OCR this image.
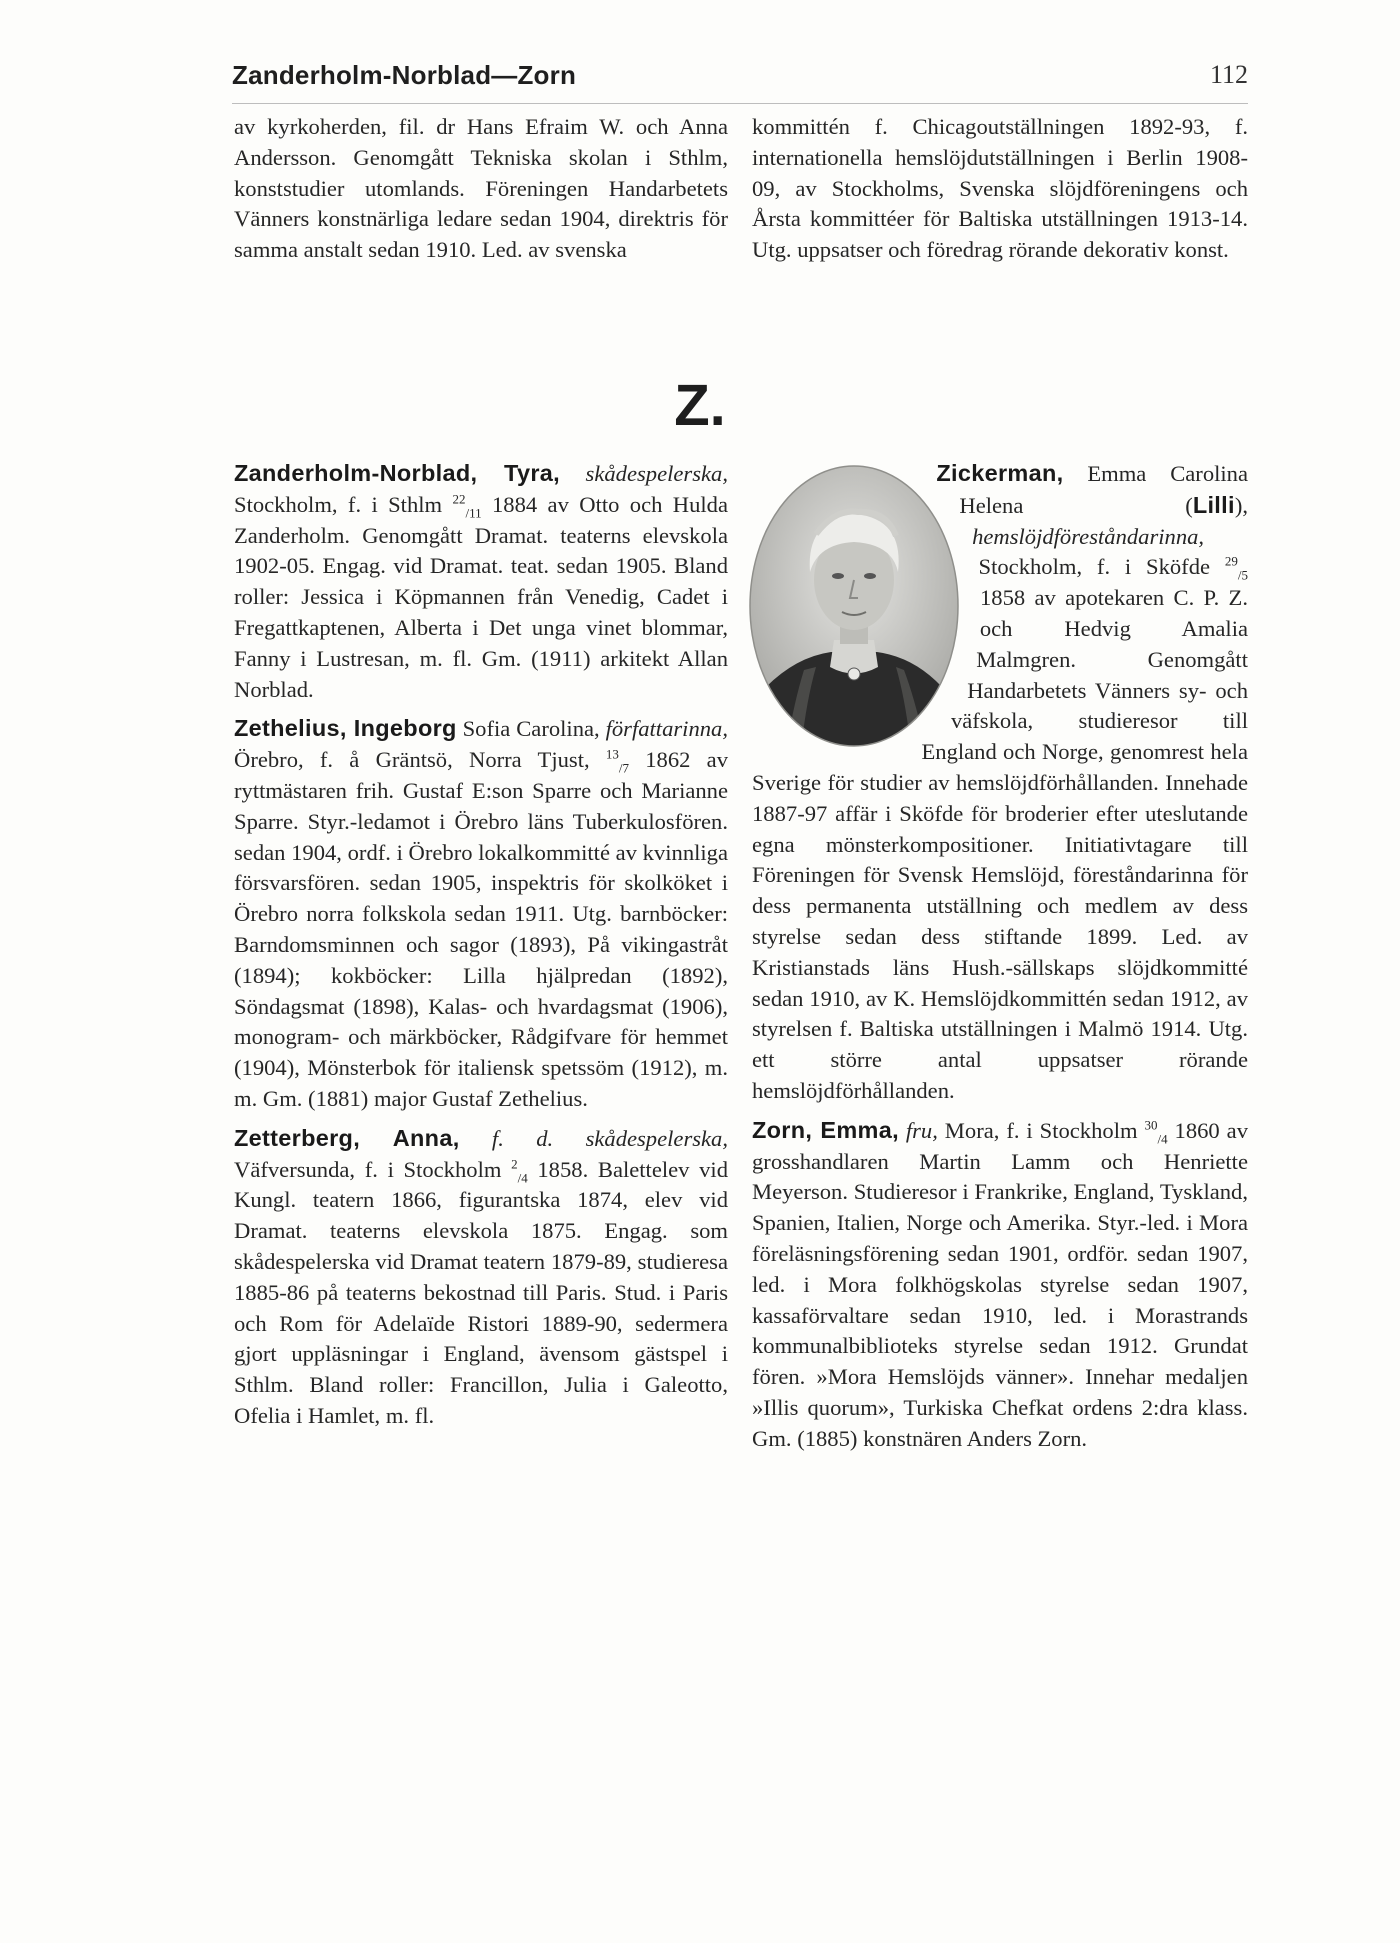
Zanderholm-Norblad—Zorn	112

av kyrkoherden, fil. dr Hans Efraim W. och Anna Andersson. Genomgått Tekniska skolan i Sthlm, konststudier utomlands. Föreningen Handarbetets Vänners konstnärliga ledare sedan 1904, direktris för samma anstalt sedan 1910. Led. av svenska

kommittén f. Chicagoutställningen 1892-93, f. internationella hemslöjdutställningen i Berlin 1908-09, av Stockholms, Svenska slöjdföreningens och Årsta kommittéer för Baltiska utställningen 1913-14. Utg. uppsatser och föredrag rörande dekorativ konst.

Z.

Zanderholm-Norblad, Tyra, skådespelerska, Stockholm, f. i Sthlm $^{22}_{/11}$ 1884 av Otto och Hulda Zanderholm. Genomgått Dramat. teaterns elevskola 1902-05. Engag. vid Dramat. teat. sedan 1905. Bland roller: Jessica i Köpmannen från Venedig, Cadet i Fregattkaptenen, Alberta i Det unga vinet blommar, Fanny i Lustresan, m. fl. Gm. (1911) arkitekt Allan Norblad.

Zethelius, Ingeborg Sofia Carolina, författarinna, Örebro, f. å Gräntsö, Norra Tjust, $^{13}_{/7}$ 1862 av ryttmästaren frih. Gustaf E:son Sparre och Marianne Sparre. Styr.-ledamot i Örebro läns Tuberkulosfören. sedan 1904, ordf. i Örebro lokalkommitté av kvinnliga försvarsfören. sedan 1905, inspektris för skolköket i Örebro norra folkskola sedan 1911. Utg. barnböcker: Barndomsminnen och sagor (1893), På vikingastråt (1894); kokböcker: Lilla hjälpredan (1892), Söndagsmat (1898), Kalas- och hvardagsmat (1906), monogram- och märkböcker, Rådgifvare för hemmet (1904), Mönsterbok för italiensk spetssöm (1912), m. m. Gm. (1881) major Gustaf Zethelius.

Zetterberg, Anna, f. d. skådespelerska, Väfversunda, f. i Stockholm $^2_{/4}$ 1858. Balettelev vid Kungl. teatern 1866, figurantska 1874, elev vid Dramat. teaterns elevskola 1875. Engag. som skådespelerska vid Dramat teatern 1879-89, studieresa 1885-86 på teaterns bekostnad till Paris. Stud. i Paris och Rom för Adelaïde Ristori 1889-90, sedermera gjort uppläsningar i England, ävensom gästspel i Sthlm. Bland roller: Francillon, Julia i Galeotto, Ofelia i Hamlet, m. fl.

Zickerman, Emma Carolina Helena (Lilli), hemslöjdföreståndarinna, Stockholm, f. i Sköfde $^{29}_{/5}$ 1858 av apotekaren C. P. Z. och Hedvig Amalia Malmgren. Genomgått Handarbetets Vänners sy- och väfskola, studieresor till England och Norge, genomrest hela Sverige för studier av hemslöjdförhållanden. Innehade 1887-97 affär i Sköfde för broderier efter uteslutande egna mönsterkompositioner. Initiativtagare till Föreningen för Svensk Hemslöjd, föreståndarinna för dess permanenta utställning och medlem av dess styrelse sedan dess stiftande 1899. Led. av Kristianstads läns Hush.-sällskaps slöjdkommitté sedan 1910, av K. Hemslöjdkommittén sedan 1912, av styrelsen f. Baltiska utställningen i Malmö 1914. Utg. ett större antal uppsatser rörande hemslöjdförhållanden.

Zorn, Emma, fru, Mora, f. i Stockholm $^{30}_{/4}$ 1860 av grosshandlaren Martin Lamm och Henriette Meyerson. Studieresor i Frankrike, England, Tyskland, Spanien, Italien, Norge och Amerika. Styr.-led. i Mora föreläsningsförening sedan 1901, ordför. sedan 1907, led. i Mora folkhögskolas styrelse sedan 1907, kassaförvaltare sedan 1910, led. i Morastrands kommunalbiblioteks styrelse sedan 1912. Grundat fören. »Mora Hemslöjds vänner». Innehar medaljen »Illis quorum», Turkiska Chefkat ordens 2:dra klass. Gm. (1885) konstnären Anders Zorn.
